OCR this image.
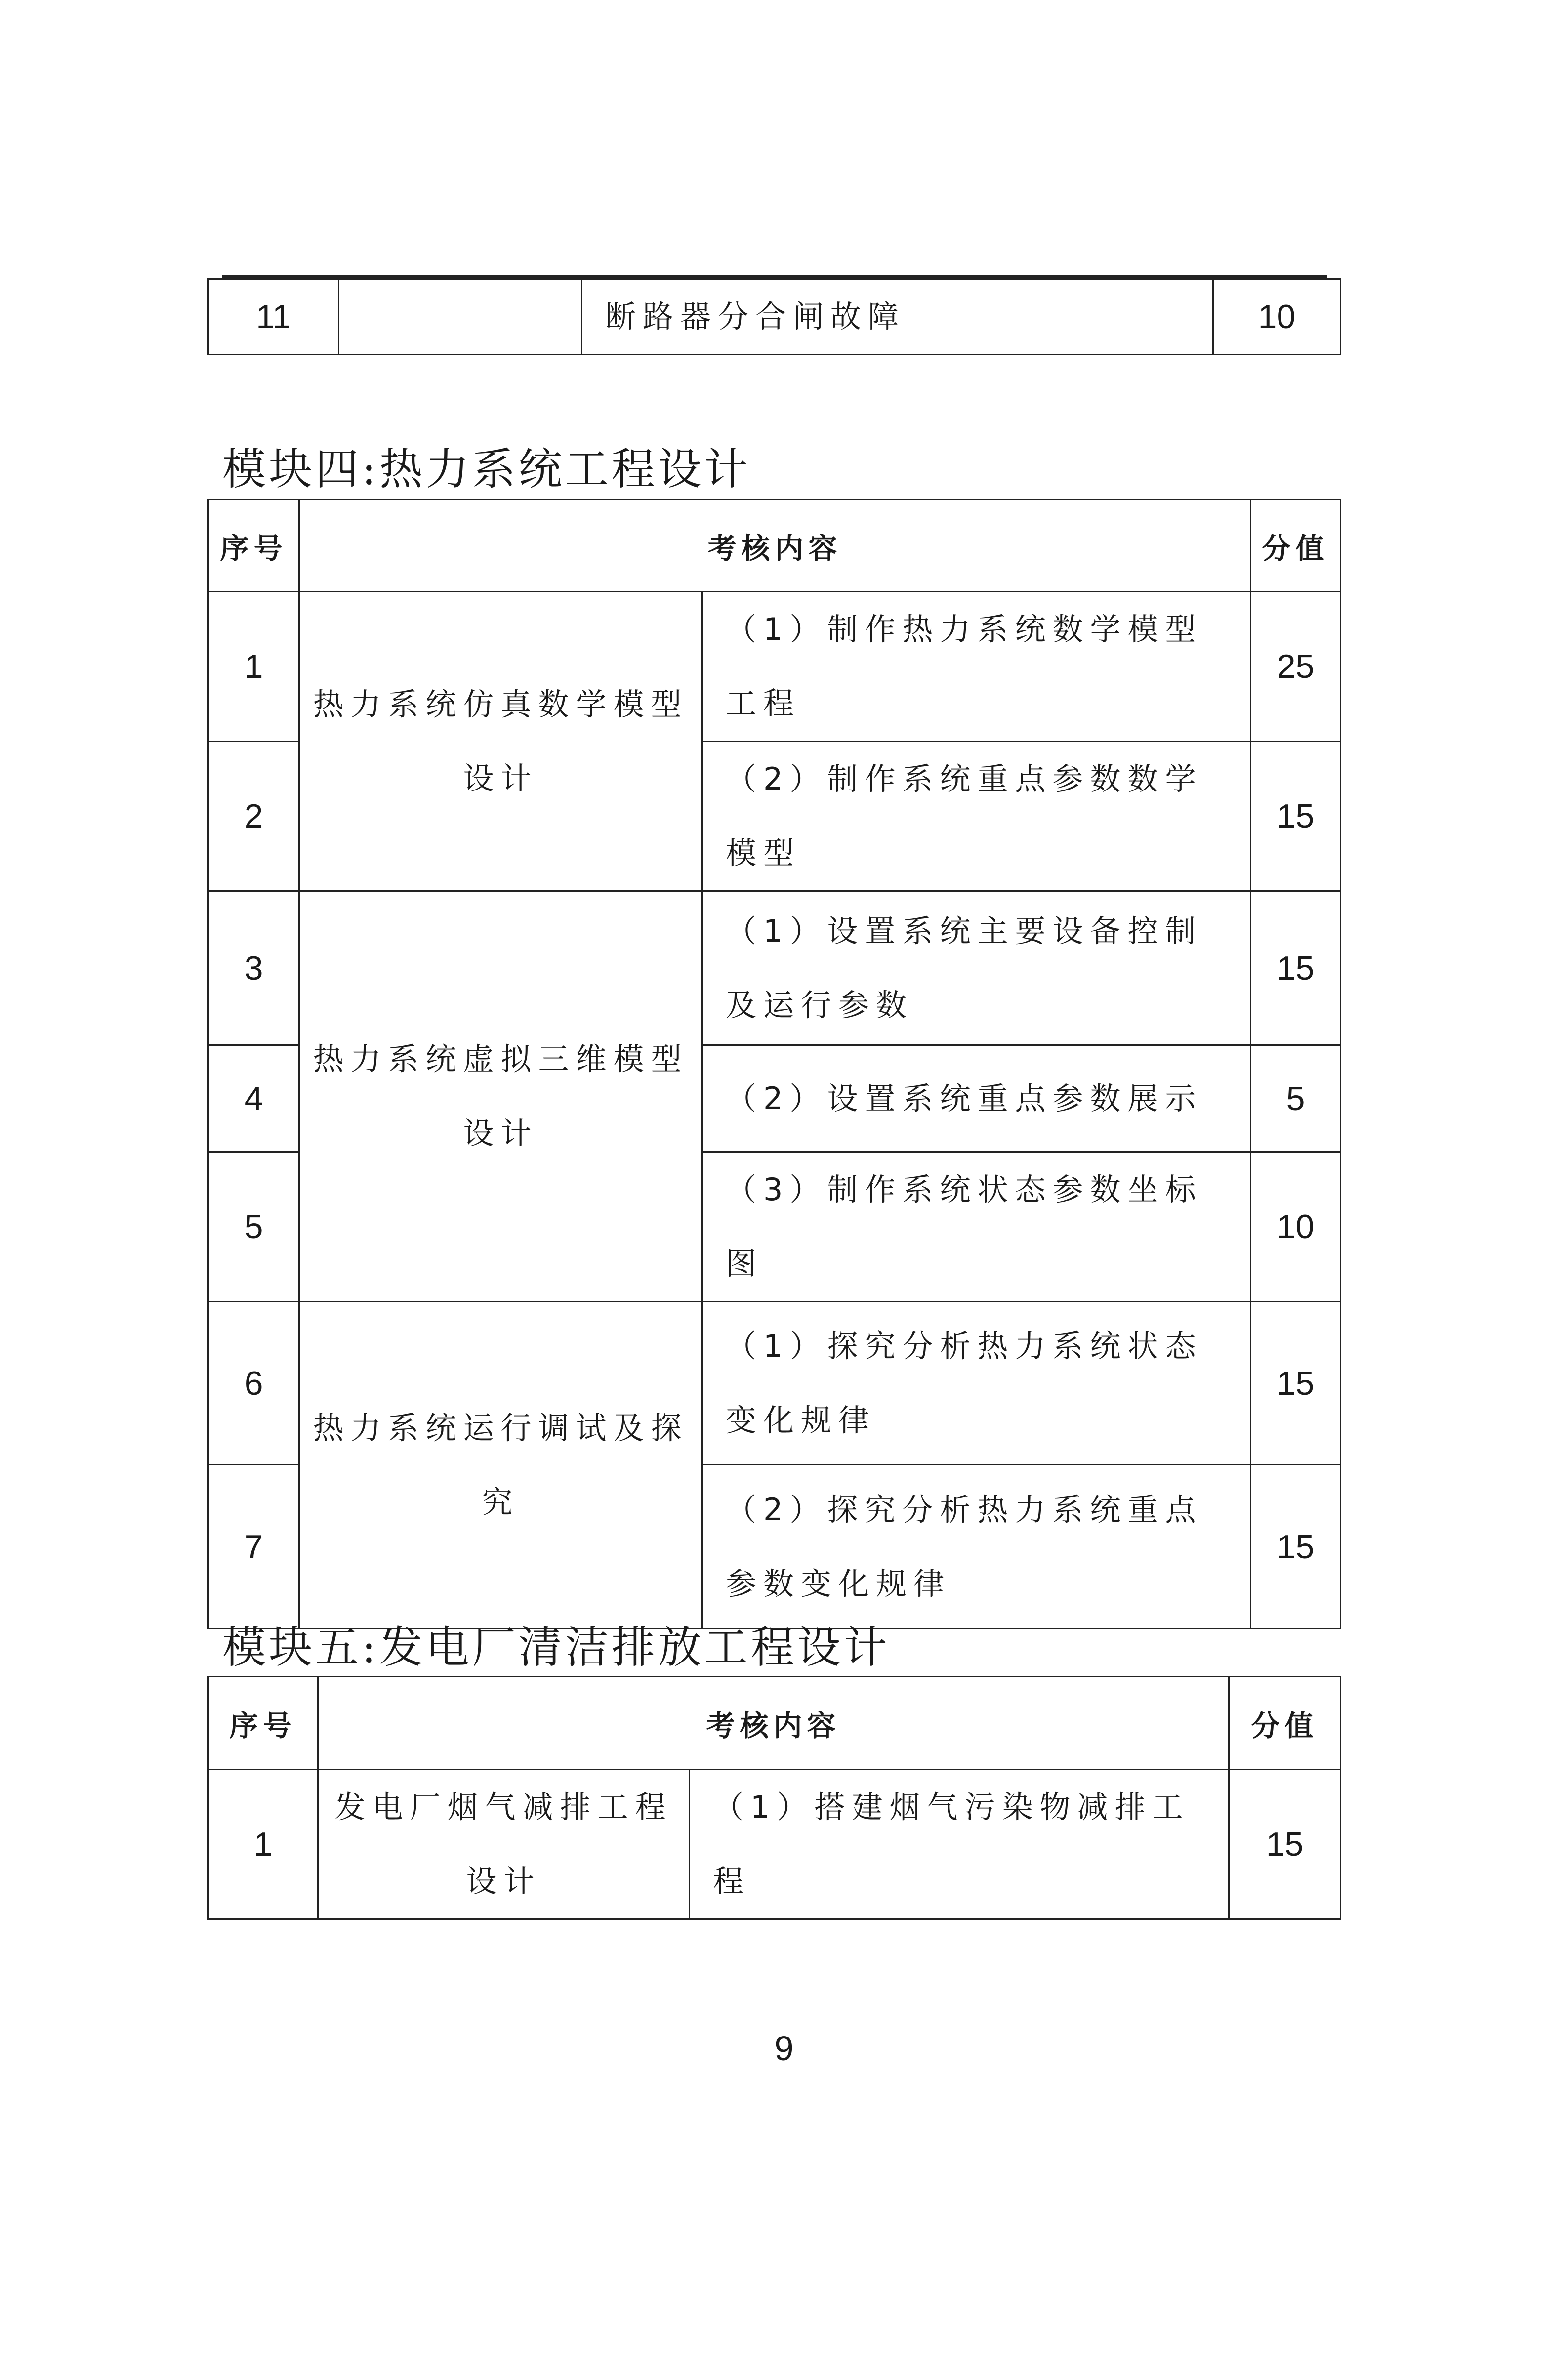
11		断路器分合闸故障	10
模块四:热力系统工程设计
序号	考核内容		分值
1	热力系统仿真数学模型设计	（1）制作热力系统数学模型工程	25
2		（2）制作系统重点参数数学模型	15
3	热力系统虚拟三维模型设计	（1）设置系统主要设备控制及运行参数	15
4		（2）设置系统重点参数展示	5
5		（3）制作系统状态参数坐标图	10
6	热力系统运行调试及探究	（1）探究分析热力系统状态变化规律	15
7		（2）探究分析热力系统重点参数变化规律	15
模块五:发电厂清洁排放工程设计
序号	考核内容		分值
1	发电厂烟气减排工程设计	（1）搭建烟气污染物减排工程	15
9
